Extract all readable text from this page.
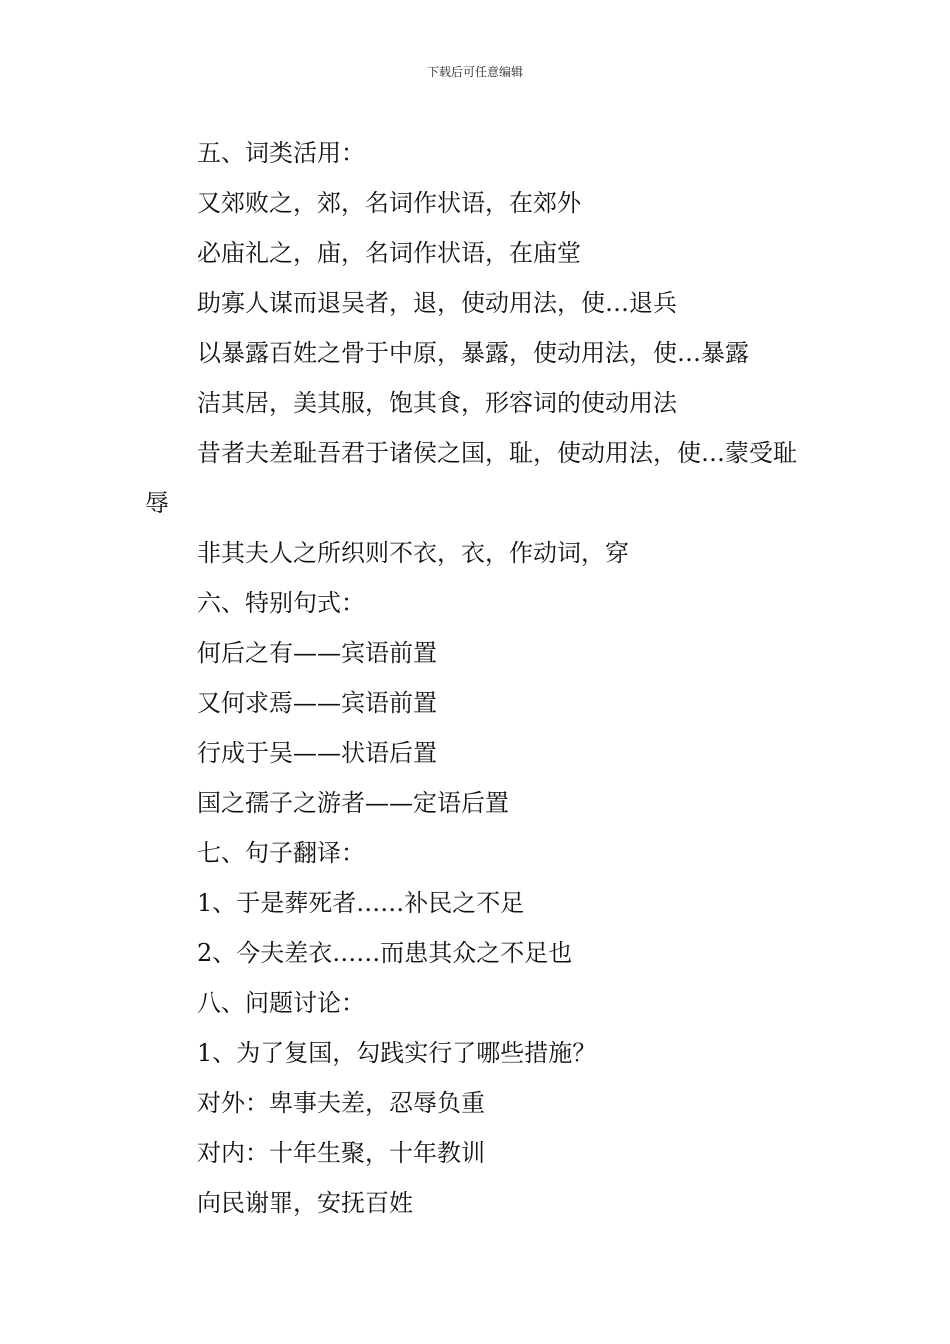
下载后可任意编辑

五、词类活用：

又郊败之，郊，名词作状语，在郊外

必庙礼之，庙，名词作状语，在庙堂

助寡人谋而退吴者，退，使动用法，使…退兵

以暴露百姓之骨于中原，暴露，使动用法，使…暴露

洁其居，美其服，饱其食，形容词的使动用法

昔者夫差耻吾君于诸侯之国，耻，使动用法，使…蒙受耻辱

非其夫人之所织则不衣，衣，作动词，穿

六、特别句式：

何后之有——宾语前置

又何求焉——宾语前置

行成于吴——状语后置

国之孺子之游者——定语后置

七、句子翻译：

1、于是葬死者……补民之不足

2、今夫差衣……而患其众之不足也

八、问题讨论：

1、为了复国，勾践实行了哪些措施？

对外：卑事夫差，忍辱负重

对内：十年生聚，十年教训

向民谢罪，安抚百姓
